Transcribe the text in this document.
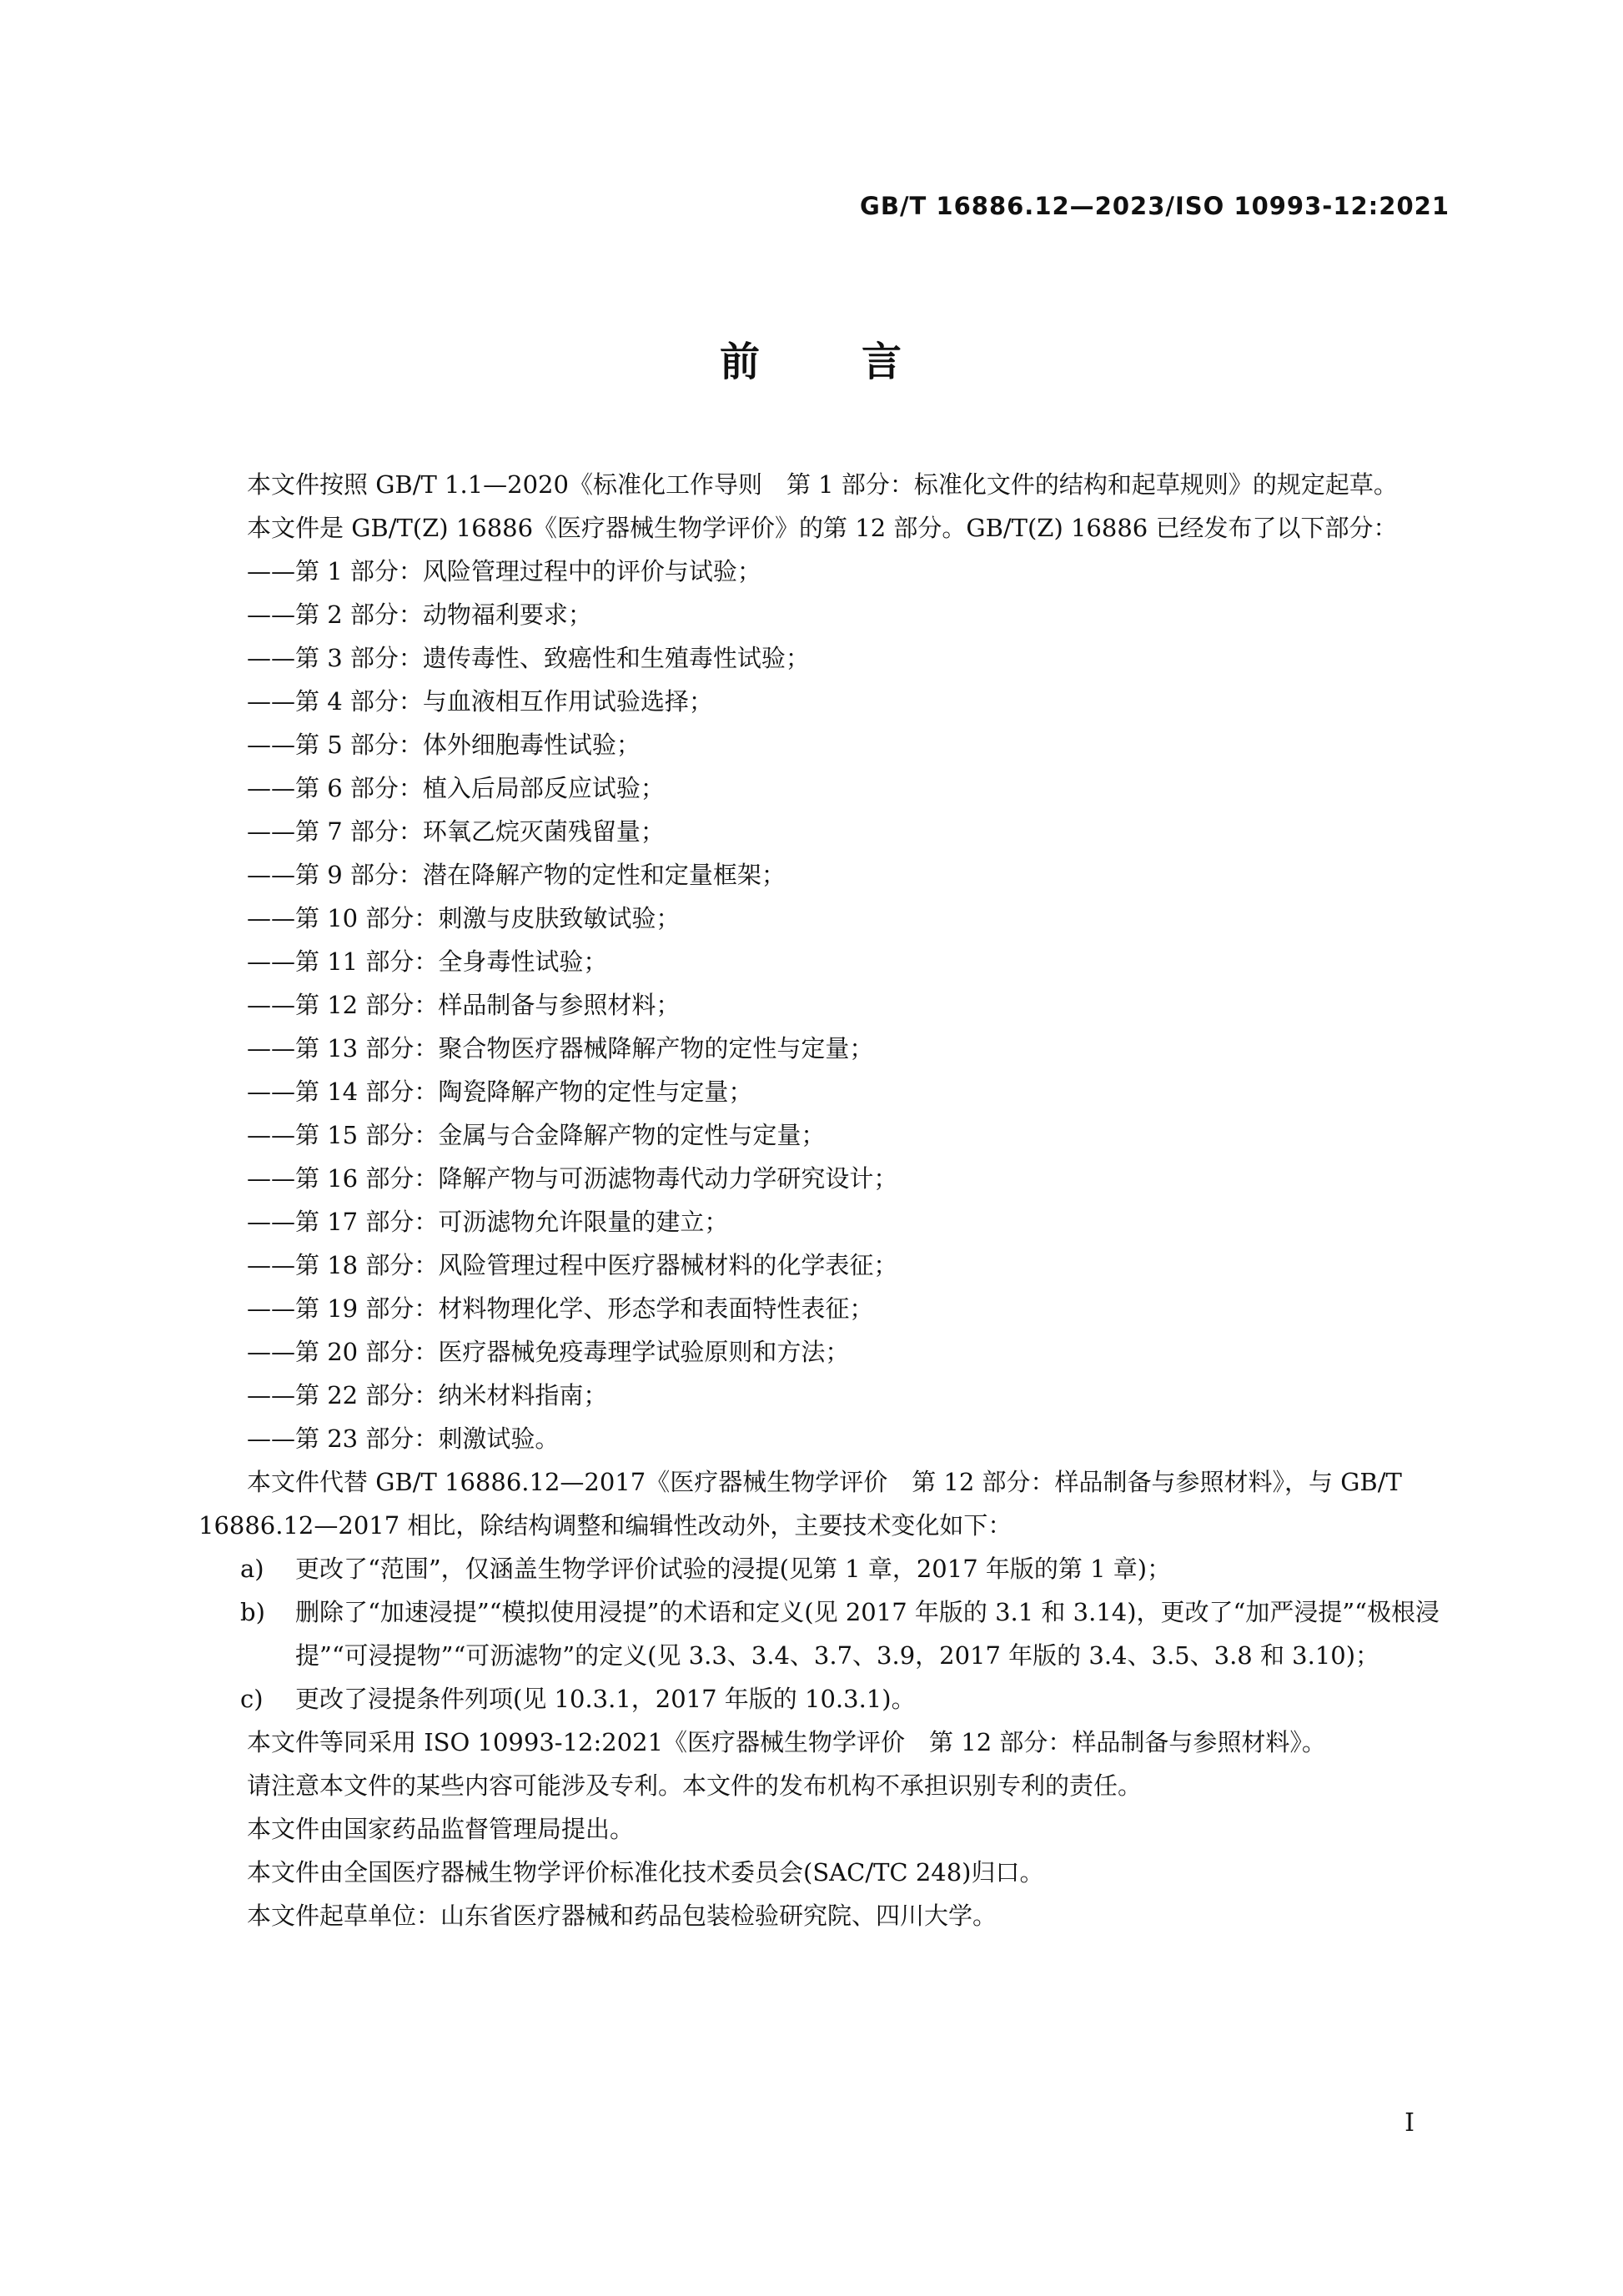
GB/T 16886.12—2023/ISO 10993-12:2021
前	言

本文件按照 GB/T 1.1—2020《标准化工作导则　第 1 部分：标准化文件的结构和起草规则》的规定起草。

本文件是 GB/T(Z) 16886《医疗器械生物学评价》的第 12 部分。GB/T(Z) 16886 已经发布了以下部分：

——第 1 部分：风险管理过程中的评价与试验；

——第 2 部分：动物福利要求；

——第 3 部分：遗传毒性、致癌性和生殖毒性试验；

——第 4 部分：与血液相互作用试验选择；

——第 5 部分：体外细胞毒性试验；

——第 6 部分：植入后局部反应试验；

——第 7 部分：环氧乙烷灭菌残留量；

——第 9 部分：潜在降解产物的定性和定量框架；

——第 10 部分：刺激与皮肤致敏试验；

——第 11 部分：全身毒性试验；

——第 12 部分：样品制备与参照材料；

——第 13 部分：聚合物医疗器械降解产物的定性与定量；

——第 14 部分：陶瓷降解产物的定性与定量；

——第 15 部分：金属与合金降解产物的定性与定量；

——第 16 部分：降解产物与可沥滤物毒代动力学研究设计；

——第 17 部分：可沥滤物允许限量的建立；

——第 18 部分：风险管理过程中医疗器械材料的化学表征；

——第 19 部分：材料物理化学、形态学和表面特性表征；

——第 20 部分：医疗器械免疫毒理学试验原则和方法；

——第 22 部分：纳米材料指南；

——第 23 部分：刺激试验。

本文件代替 GB/T 16886.12—2017《医疗器械生物学评价　第 12 部分：样品制备与参照材料》，与 GB/T 16886.12—2017 相比，除结构调整和编辑性改动外，主要技术变化如下：

a) 更改了“范围”，仅涵盖生物学评价试验的浸提(见第 1 章，2017 年版的第 1 章)；

b) 删除了“加速浸提”“模拟使用浸提”的术语和定义(见 2017 年版的 3.1 和 3.14)，更改了“加严浸提”“极根浸提”“可浸提物”“可沥滤物”的定义(见 3.3、3.4、3.7、3.9，2017 年版的 3.4、3.5、3.8 和 3.10)；

c) 更改了浸提条件列项(见 10.3.1，2017 年版的 10.3.1)。

本文件等同采用 ISO 10993-12:2021《医疗器械生物学评价　第 12 部分：样品制备与参照材料》。

请注意本文件的某些内容可能涉及专利。本文件的发布机构不承担识别专利的责任。

本文件由国家药品监督管理局提出。

本文件由全国医疗器械生物学评价标准化技术委员会(SAC/TC 248)归口。

本文件起草单位：山东省医疗器械和药品包装检验研究院、四川大学。

I
